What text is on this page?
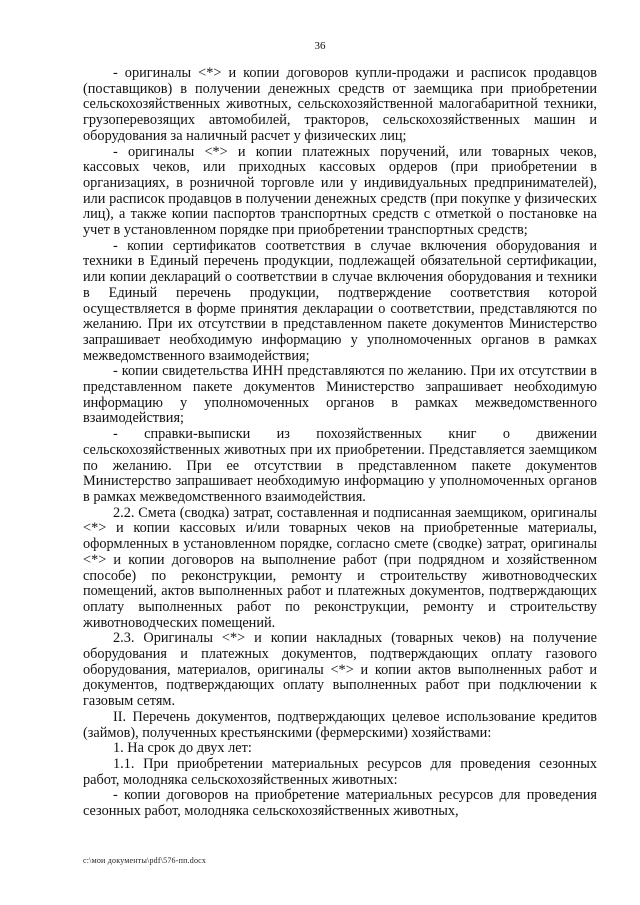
36

- оригиналы <*> и копии договоров купли-продажи и расписок продавцов (поставщиков) в получении денежных средств от заемщика при приобретении сельскохозяйственных животных, сельскохозяйственной малогабаритной техники, грузоперевозящих автомобилей, тракторов, сельскохозяйственных машин и оборудования за наличный расчет у физических лиц;

- оригиналы <*> и копии платежных поручений, или товарных чеков, кассовых чеков, или приходных кассовых ордеров (при приобретении в организациях, в розничной торговле или у индивидуальных предпринимателей), или расписок продавцов в получении денежных средств (при покупке у физических лиц), а также копии паспортов транспортных средств с отметкой о постановке на учет в установленном порядке при приобретении транспортных средств;

- копии сертификатов соответствия в случае включения оборудования и техники в Единый перечень продукции, подлежащей обязательной сертификации, или копии деклараций о соответствии в случае включения оборудования и техники в Единый перечень продукции, подтверждение соответствия которой осуществляется в форме принятия декларации о соответствии, представляются по желанию. При их отсутствии в представленном пакете документов Министерство запрашивает необходимую информацию у уполномоченных органов в рамках межведомственного взаимодействия;

- копии свидетельства ИНН представляются по желанию. При их отсутствии в представленном пакете документов Министерство запрашивает необходимую информацию у уполномоченных органов в рамках межведомственного взаимодействия;

- справки-выписки из похозяйственных книг о движении сельскохозяйственных животных при их приобретении. Представляется заемщиком по желанию. При ее отсутствии в представленном пакете документов Министерство запрашивает необходимую информацию у уполномоченных органов в рамках межведомственного взаимодействия.

2.2. Смета (сводка) затрат, составленная и подписанная заемщиком, оригиналы <*> и копии кассовых и/или товарных чеков на приобретенные материалы, оформленных в установленном порядке, согласно смете (сводке) затрат, оригиналы <*> и копии договоров на выполнение работ (при подрядном и хозяйственном способе) по реконструкции, ремонту и строительству животноводческих помещений, актов выполненных работ и платежных документов, подтверждающих оплату выполненных работ по реконструкции, ремонту и строительству животноводческих помещений.

2.3. Оригиналы <*> и копии накладных (товарных чеков) на получение оборудования и платежных документов, подтверждающих оплату газового оборудования, материалов, оригиналы <*> и копии актов выполненных работ и документов, подтверждающих оплату выполненных работ при подключении к газовым сетям.

II. Перечень документов, подтверждающих целевое использование кредитов (займов), полученных крестьянскими (фермерскими) хозяйствами:

1. На срок до двух лет:

1.1. При приобретении материальных ресурсов для проведения сезонных работ, молодняка сельскохозяйственных животных:

- копии договоров на приобретение материальных ресурсов для проведения сезонных работ, молодняка сельскохозяйственных животных,

c:\мои документы\pdf\576-пп.docx
